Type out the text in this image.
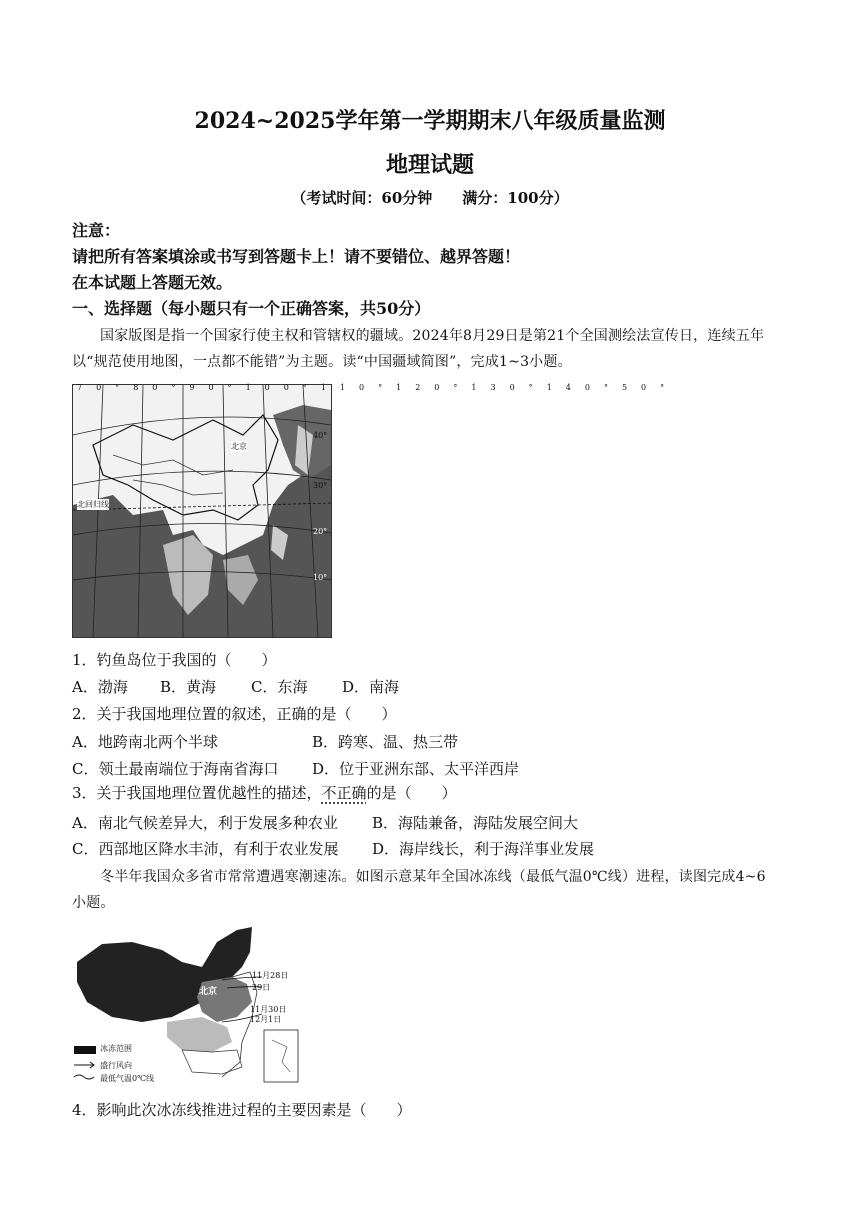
2024~2025学年第一学期期末八年级质量监测
地理试题
（考试时间：60分钟　　满分：100分）
注意：
请把所有答案填涂或书写到答题卡上！请不要错位、越界答题！
在本试题上答题无效。
一、选择题（每小题只有一个正确答案，共50分）
国家版图是指一个国家行使主权和管辖权的疆域。2024年8月29日是第21个全国测绘法宣传日，连续五年
以“规范使用地图，一点都不能错”为主题。读“中国疆域简图”，完成1~3小题。
70°80°90°100°110°120°130°140°50°
40°
30°
20°
10°
北京
北回归线
1．钓鱼岛位于我国的（　　）
A．渤海 B．黄海 C．东海 D．南海
2．关于我国地理位置的叙述，正确的是（　　）
A．地跨南北两个半球	B．跨寒、温、热三带
C．领土最南端位于海南省海口 D．位于亚洲东部、太平洋西岸
3．关于我国地理位置优越性的描述，不正确的是（　　）
A．南北气候差异大，利于发展多种农业 B．海陆兼备，海陆发展空间大
C．西部地区降水丰沛，有利于农业发展 D．海岸线长，利于海洋事业发展
冬半年我国众多省市常常遭遇寒潮速冻。如图示意某年全国冰冻线（最低气温0℃线）进程，读图完成4~6
小题。
北京
11月28日
29日
11月30日
12月1日
冰冻范围
盛行风向
最低气温0℃线
4．影响此次冰冻线推进过程的主要因素是（　　）
